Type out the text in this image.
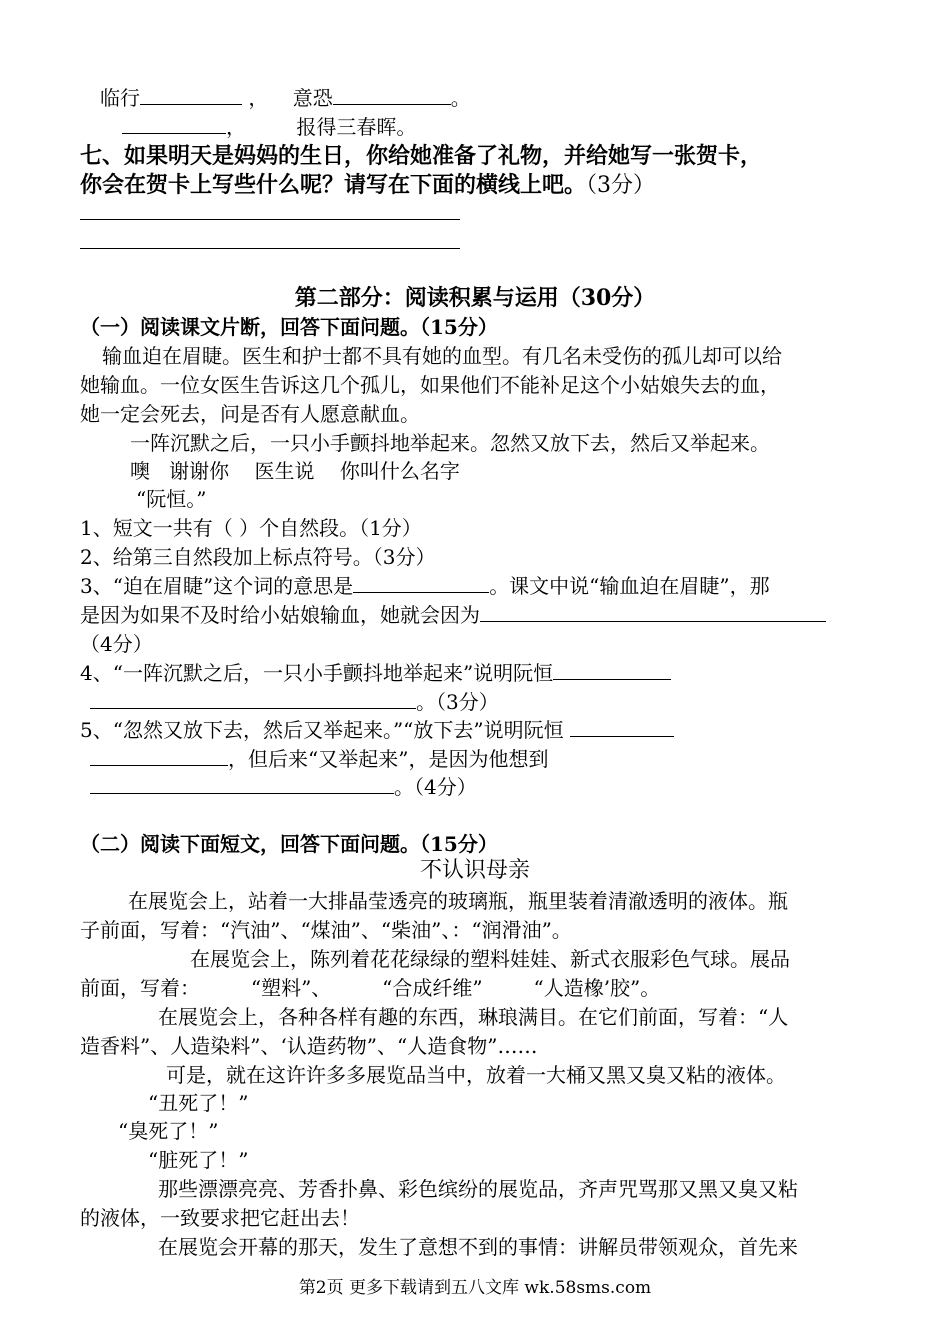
临行	， 意恐	。
，	报得三春晖。
七、如果明天是妈妈的生日，你给她准备了礼物，并给她写一张贺卡，
你会在贺卡上写些什么呢？请写在下面的横线上吧。（3分）
第二部分：阅读积累与运用（30分）
（一）阅读课文片断，回答下面问题。（15分）
输血迫在眉睫。医生和护士都不具有她的血型。有几名未受伤的孤儿却可以给
她输血。一位女医生告诉这几个孤儿，如果他们不能补足这个小姑娘失去的血，
她一定会死去，问是否有人愿意献血。
一阵沉默之后，一只小手颤抖地举起来。忽然又放下去，然后又举起来。
噢   谢谢你    医生说    你叫什么名字
“阮恒。”
1、短文一共有（ ）个自然段。（1分）
2、给第三自然段加上标点符号。（3分）
3、“迫在眉睫”这个词的意思是	。课文中说“输血迫在眉睫”，那
是因为如果不及时给小姑娘输血，她就会因为
（4分）
4、“一阵沉默之后，一只小手颤抖地举起来”说明阮恒
。（3分）
5、“忽然又放下去，然后又举起来。”“放下去”说明阮恒
，但后来“又举起来”，是因为他想到
。（4分）
（二）阅读下面短文，回答下面问题。（15分）
不认识母亲
在展览会上，站着一大排晶莹透亮的玻璃瓶，瓶里装着清澈透明的液体。瓶
子前面，写着：“汽油”、“煤油”、“柴油”、：“润滑油”。
在展览会上，陈列着花花绿绿的塑料娃娃、新式衣服彩色气球。展品
前面，写着：        “塑料”、        “合成纤维”        “人造橡’胶”。
在展览会上，各种各样有趣的东西，琳琅满目。在它们前面，写着：“人
造香料”、人造染料”、‘认造药物”、“人造食物”……
可是，就在这许许多多展览品当中，放着一大桶又黑又臭又粘的液体。
“丑死了！”
“臭死了！”
“脏死了！”
那些漂漂亮亮、芳香扑鼻、彩色缤纷的展览品，齐声咒骂那又黑又臭又粘
的液体，一致要求把它赶出去！
在展览会开幕的那天，发生了意想不到的事情：讲解员带领观众，首先来
第2页 更多下载请到五八文库 wk.58sms.com
